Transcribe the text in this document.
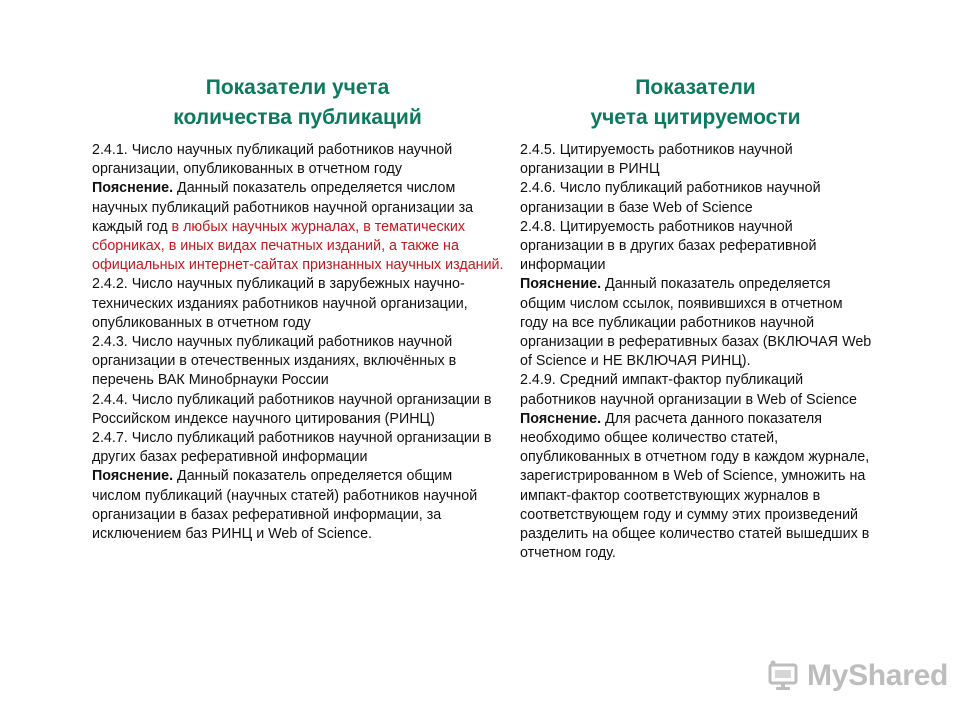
Показатели учета
количества публикаций

2.4.1. Число научных публикаций работников научной организации, опубликованных в отчетном году

Пояснение. Данный показатель определяется числом научных публикаций работников научной организации за каждый год в любых научных журналах, в тематических сборниках, в иных видах печатных изданий, а также на официальных интернет-сайтах признанных научных изданий.

2.4.2. Число научных публикаций в зарубежных научно-технических изданиях работников научной организации, опубликованных в отчетном году

2.4.3. Число научных публикаций работников научной организации в отечественных изданиях, включённых в перечень ВАК Минобрнауки России

2.4.4. Число публикаций работников научной организации в Российском индексе научного цитирования (РИНЦ)

2.4.7. Число публикаций работников научной организации в других базах реферативной информации

Пояснение. Данный показатель определяется общим числом публикаций (научных статей) работников научной организации в базах реферативной информации, за исключением баз РИНЦ и Web of Science.

Показатели
учета цитируемости

2.4.5. Цитируемость работников научной организации в РИНЦ

2.4.6. Число публикаций работников научной организации в базе Web of Science

2.4.8. Цитируемость работников научной организации в в других базах реферативной информации

Пояснение. Данный показатель определяется общим числом ссылок, появившихся в отчетном году на все публикации работников научной организации в реферативных базах (ВКЛЮЧАЯ Web of Science и НЕ ВКЛЮЧАЯ РИНЦ).

2.4.9. Средний импакт-фактор публикаций работников научной организации в Web of Science

Пояснение. Для расчета данного показателя необходимо общее количество статей, опубликованных в отчетном году в каждом журнале, зарегистрированном в Web of Science, умножить на импакт-фактор соответствующих журналов в соответствующем году и сумму этих произведений разделить на общее количество статей вышедших в отчетном году.

MyShared
